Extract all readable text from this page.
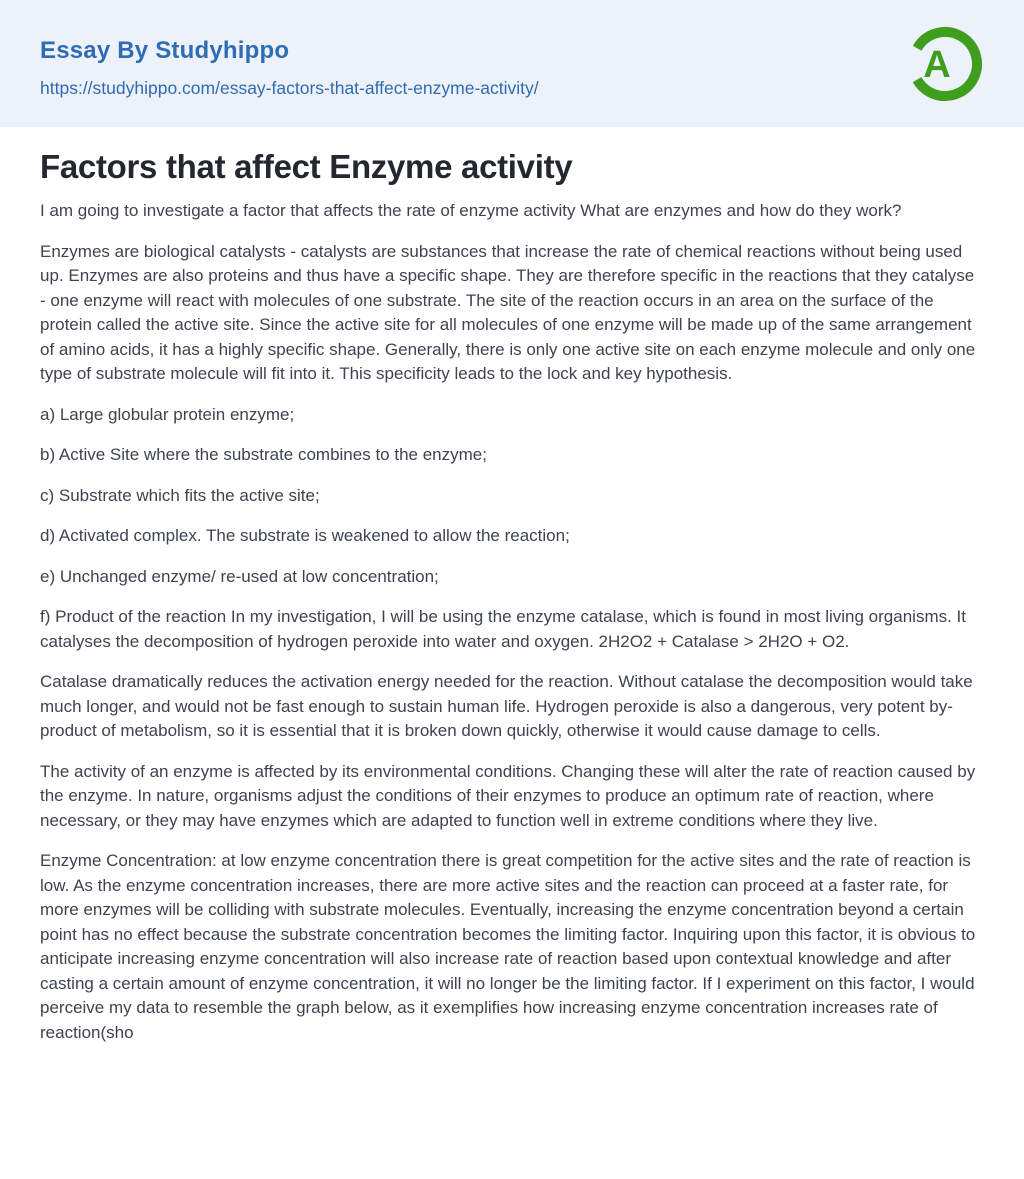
Essay By Studyhippo
https://studyhippo.com/essay-factors-that-affect-enzyme-activity/
A
Factors that affect Enzyme activity

I am going to investigate a factor that affects the rate of enzyme activity What are enzymes and how do they work?

Enzymes are biological catalysts - catalysts are substances that increase the rate of chemical reactions without being used up. Enzymes are also proteins and thus have a specific shape. They are therefore specific in the reactions that they catalyse - one enzyme will react with molecules of one substrate. The site of the reaction occurs in an area on the surface of the protein called the active site. Since the active site for all molecules of one enzyme will be made up of the same arrangement of amino acids, it has a highly specific shape. Generally, there is only one active site on each enzyme molecule and only one type of substrate molecule will fit into it. This specificity leads to the lock and key hypothesis.

a) Large globular protein enzyme;

b) Active Site where the substrate combines to the enzyme;

c) Substrate which fits the active site;

d) Activated complex. The substrate is weakened to allow the reaction;

e) Unchanged enzyme/ re-used at low concentration;

f) Product of the reaction In my investigation, I will be using the enzyme catalase, which is found in most living organisms. It catalyses the decomposition of hydrogen peroxide into water and oxygen. 2H2O2 + Catalase > 2H2O + O2.

Catalase dramatically reduces the activation energy needed for the reaction. Without catalase the decomposition would take much longer, and would not be fast enough to sustain human life. Hydrogen peroxide is also a dangerous, very potent by-product of metabolism, so it is essential that it is broken down quickly, otherwise it would cause damage to cells.

The activity of an enzyme is affected by its environmental conditions. Changing these will alter the rate of reaction caused by the enzyme. In nature, organisms adjust the conditions of their enzymes to produce an optimum rate of reaction, where necessary, or they may have enzymes which are adapted to function well in extreme conditions where they live.

Enzyme Concentration: at low enzyme concentration there is great competition for the active sites and the rate of reaction is low. As the enzyme concentration increases, there are more active sites and the reaction can proceed at a faster rate, for more enzymes will be colliding with substrate molecules. Eventually, increasing the enzyme concentration beyond a certain point has no effect because the substrate concentration becomes the limiting factor. Inquiring upon this factor, it is obvious to anticipate increasing enzyme concentration will also increase rate of reaction based upon contextual knowledge and after casting a certain amount of enzyme concentration, it will no longer be the limiting factor. If I experiment on this factor, I would perceive my data to resemble the graph below, as it exemplifies how increasing enzyme concentration increases rate of reaction(sho
